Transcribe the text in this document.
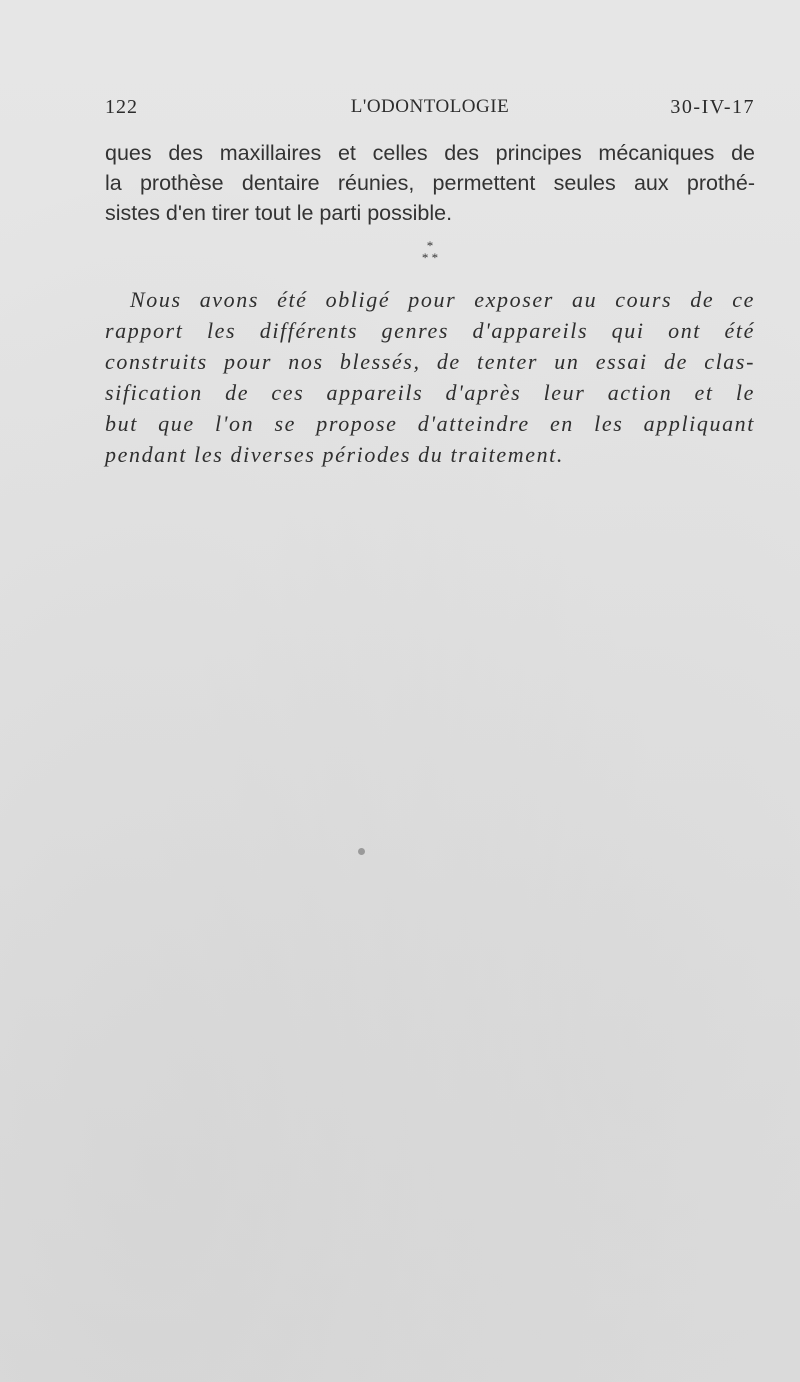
122	L'ODONTOLOGIE	30-IV-17
ques des maxillaires et celles des principes mécaniques de
la prothèse dentaire réunies, permettent seules aux prothé-
sistes d'en tirer tout le parti possible.
*
* *
Nous avons été obligé pour exposer au cours de ce
rapport les différents genres d'appareils qui ont été
construits pour nos blessés, de tenter un essai de clas-
sification de ces appareils d'après leur action et le
but que l'on se propose d'atteindre en les appliquant
pendant les diverses périodes du traitement.
